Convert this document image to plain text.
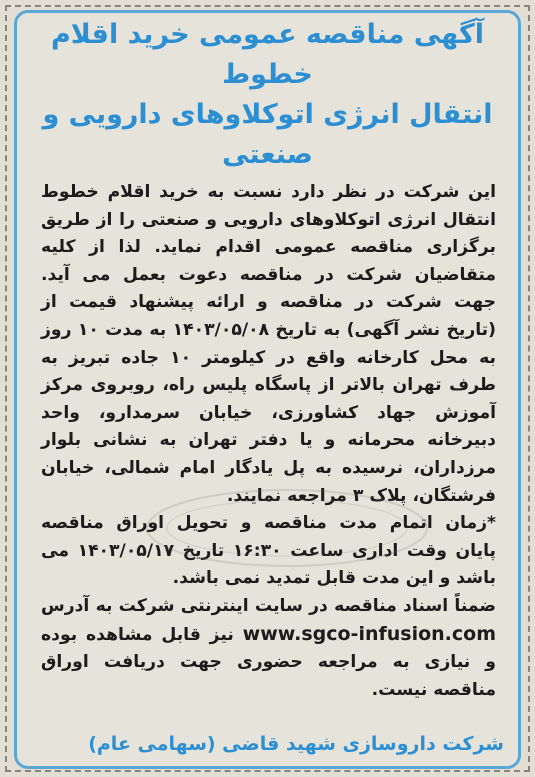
آگهی مناقصه عمومی خرید اقلام خطوط
انتقال انرژی اتوکلاوهای دارویی و صنعتی

این شرکت در نظر دارد نسبت به خرید اقلام خطوط انتقال انرژی اتوکلاوهای دارویی و صنعتی را از طریق برگزاری مناقصه عمومی اقدام نماید. لذا از کلیه متقاضیان شرکت در مناقصه دعوت بعمل می آید. جهت شرکت در مناقصه و ارائه پیشنهاد قیمت از (تاریخ نشر آگهی) به تاریخ ۱۴۰۳/۰۵/۰۸ به مدت ۱۰ روز به محل کارخانه واقع در کیلومتر ۱۰ جاده تبریز به طرف تهران بالاتر از پاسگاه پلیس راه، روبروی مرکز آموزش جهاد کشاورزی، خیابان سرمدارو، واحد دبیرخانه محرمانه و یا دفتر تهران به نشانی بلوار مرزداران، نرسیده به پل یادگار امام شمالی، خیابان فرشتگان، پلاک ۳ مراجعه نمایند.

*زمان اتمام مدت مناقصه و تحویل اوراق مناقصه پایان وقت اداری ساعت ۱۶:۳۰ تاریخ ۱۴۰۳/۰۵/۱۷ می باشد و این مدت قابل تمدید نمی باشد.

ضمناً اسناد مناقصه در سایت اینترنتی شرکت به آدرس www.sgco-infusion.com نیز قابل مشاهده بوده و نیازی به مراجعه حضوری جهت دریافت اوراق مناقصه نیست.

شرکت داروسازی شهید قاضی (سهامی عام)
